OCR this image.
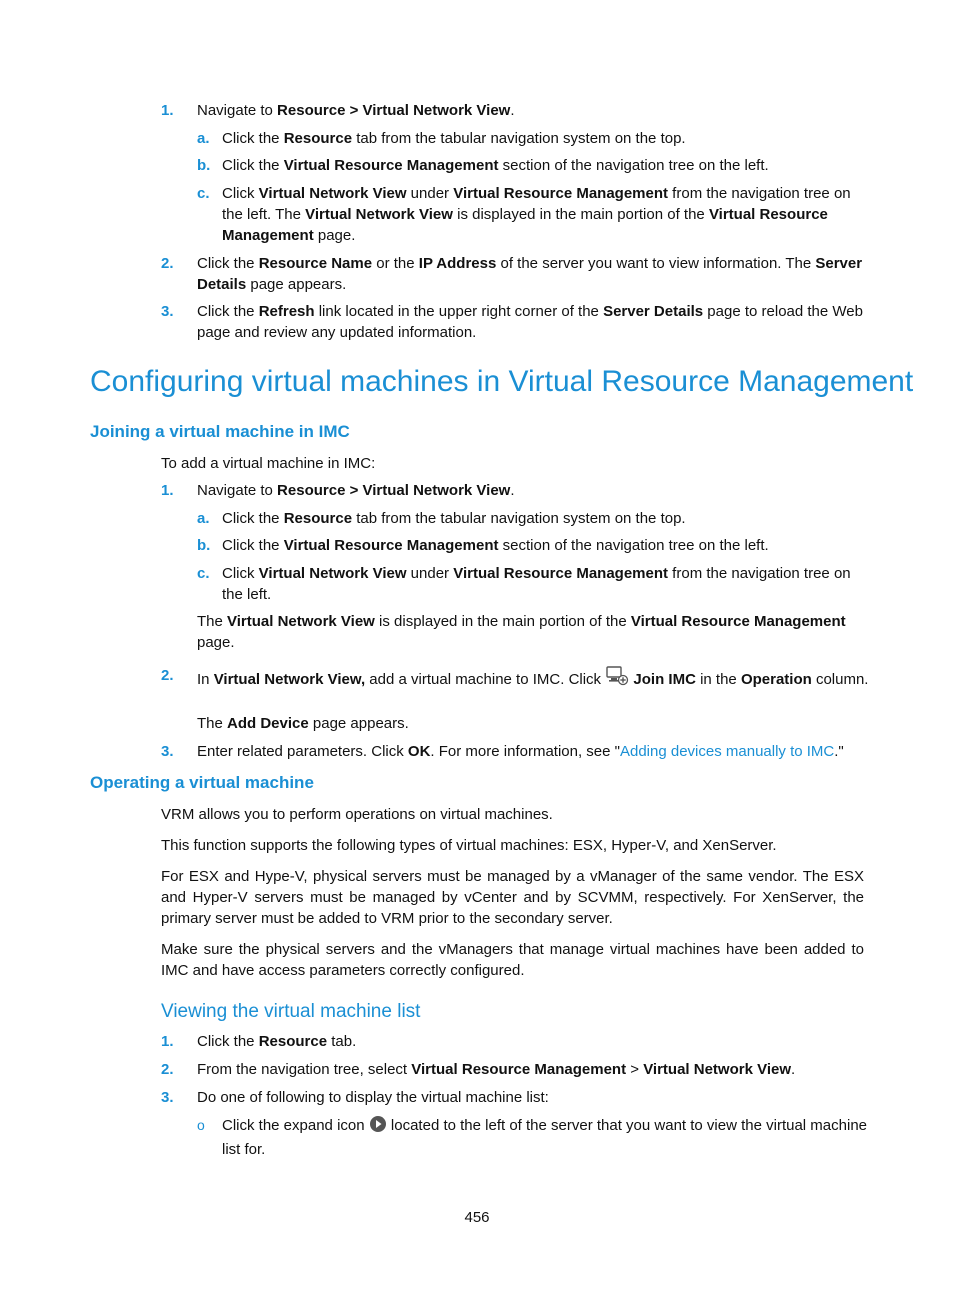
1. Navigate to Resource > Virtual Network View.
a. Click the Resource tab from the tabular navigation system on the top.
b. Click the Virtual Resource Management section of the navigation tree on the left.
c. Click Virtual Network View under Virtual Resource Management from the navigation tree on the left. The Virtual Network View is displayed in the main portion of the Virtual Resource Management page.
2. Click the Resource Name or the IP Address of the server you want to view information. The Server Details page appears.
3. Click the Refresh link located in the upper right corner of the Server Details page to reload the Web page and review any updated information.
Configuring virtual machines in Virtual Resource Management
Joining a virtual machine in IMC
To add a virtual machine in IMC:
1. Navigate to Resource > Virtual Network View.
a. Click the Resource tab from the tabular navigation system on the top.
b. Click the Virtual Resource Management section of the navigation tree on the left.
c. Click Virtual Network View under Virtual Resource Management from the navigation tree on the left.
The Virtual Network View is displayed in the main portion of the Virtual Resource Management page.
2. In Virtual Network View, add a virtual machine to IMC. Click  Join IMC in the Operation column.
The Add Device page appears.
3. Enter related parameters. Click OK. For more information, see "Adding devices manually to IMC."
Operating a virtual machine
VRM allows you to perform operations on virtual machines.
This function supports the following types of virtual machines: ESX, Hyper-V, and XenServer.
For ESX and Hype-V, physical servers must be managed by a vManager of the same vendor. The ESX and Hyper-V servers must be managed by vCenter and by SCVMM, respectively. For XenServer, the primary server must be added to VRM prior to the secondary server.
Make sure the physical servers and the vManagers that manage virtual machines have been added to IMC and have access parameters correctly configured.
Viewing the virtual machine list
1. Click the Resource tab.
2. From the navigation tree, select Virtual Resource Management > Virtual Network View.
3. Do one of following to display the virtual machine list:
o Click the expand icon  located to the left of the server that you want to view the virtual machine list for.
456
